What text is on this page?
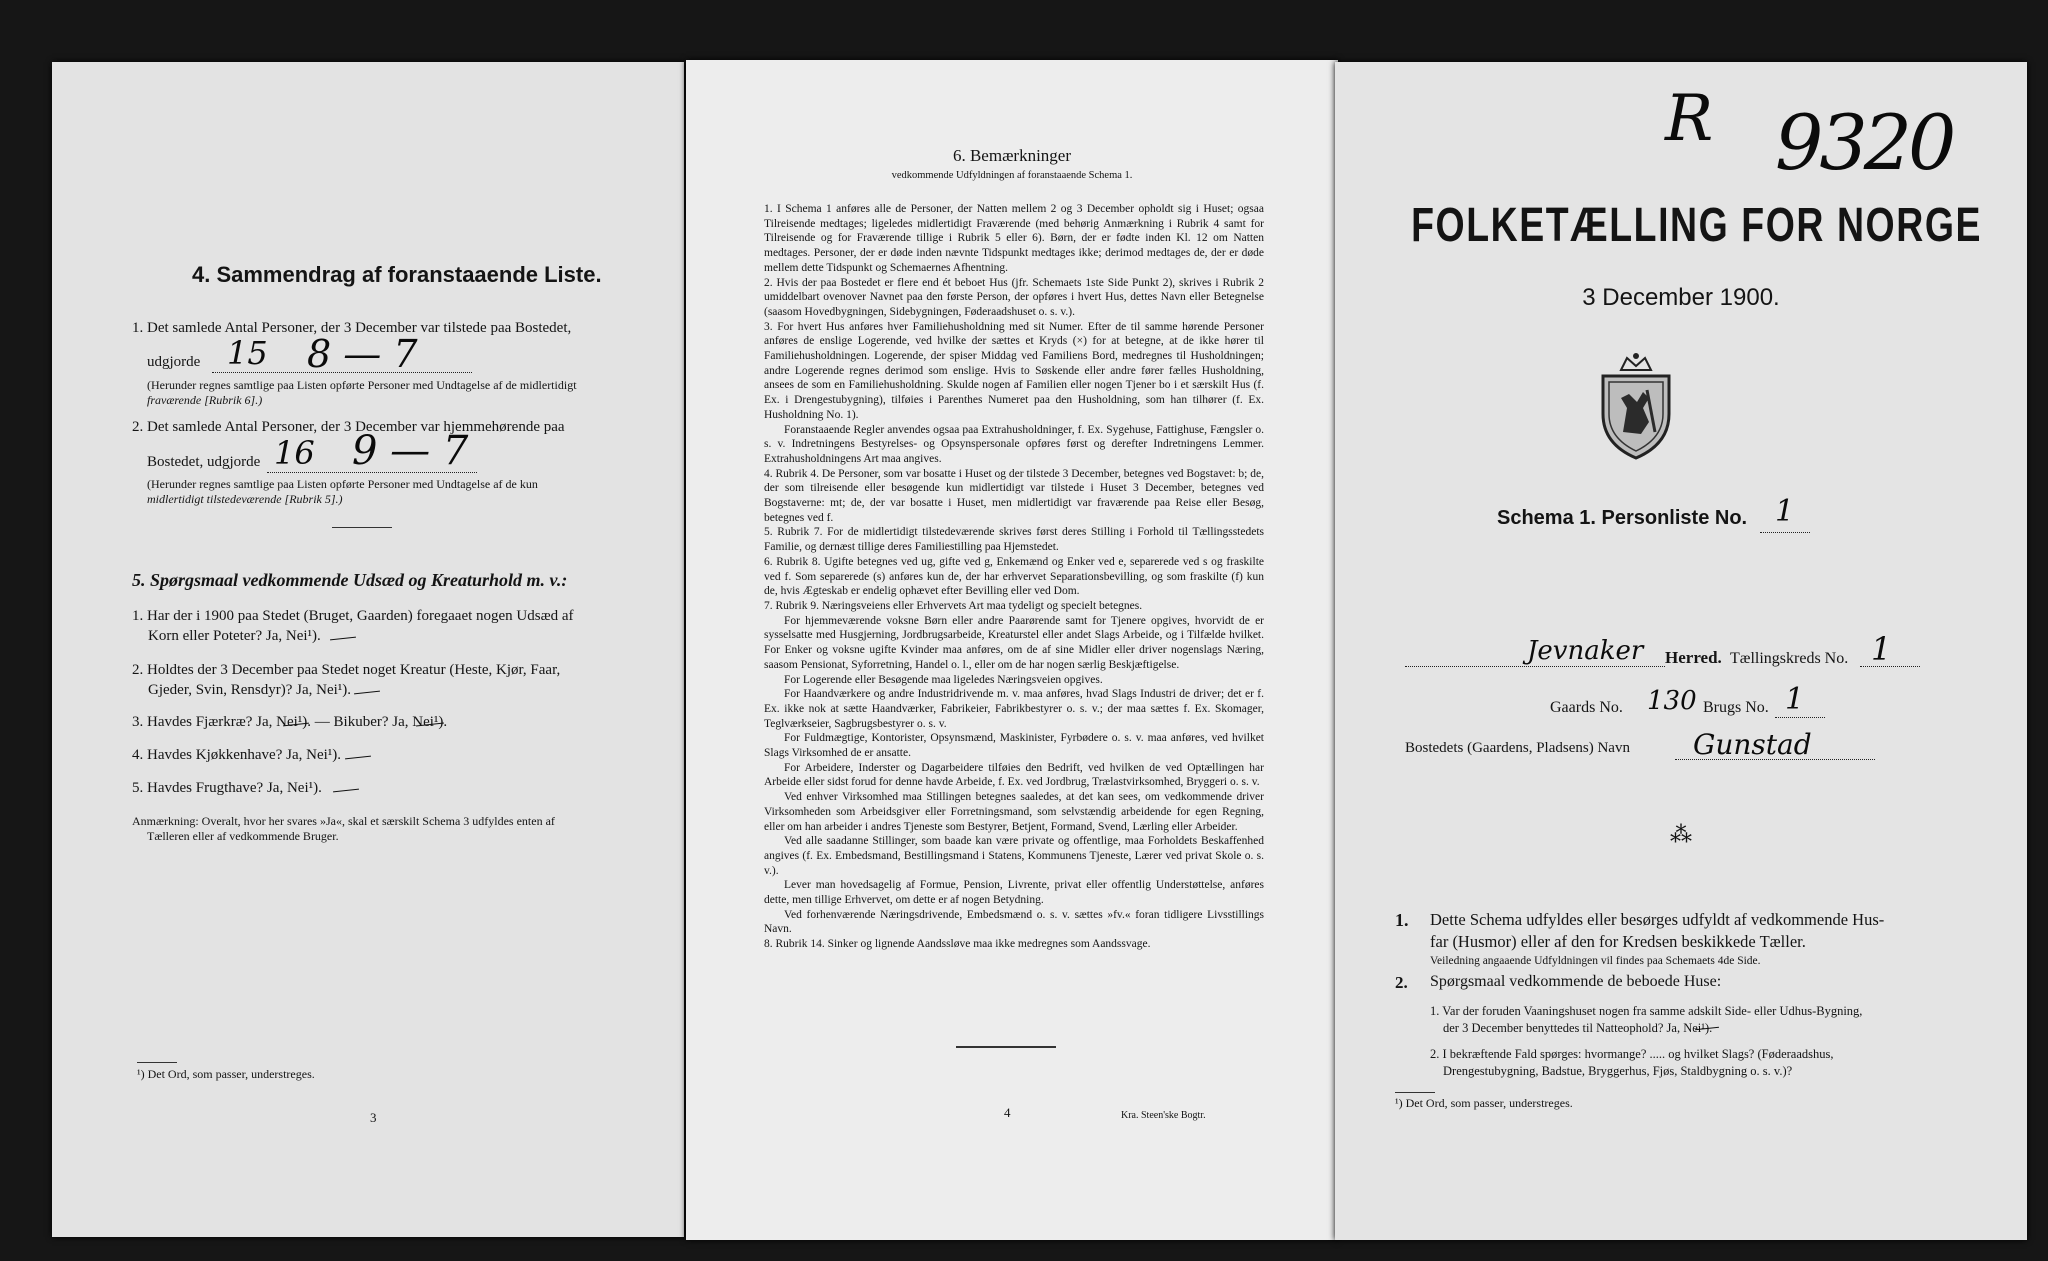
4. Sammendrag af foranstaaende Liste.
1. Det samlede Antal Personer, der 3 December var tilstede paa Bostedet,
udgjorde 15 8 — 7
(Herunder regnes samtlige paa Listen opførte Personer med Undtagelse af de midlertidigt
fraværende [Rubrik 6].)
2. Det samlede Antal Personer, der 3 December var hjemmehørende paa
Bostedet, udgjorde 16 9 — 7
(Herunder regnes samtlige paa Listen opførte Personer med Undtagelse af de kun
midlertidigt tilstedeværende [Rubrik 5].)
5. Spørgsmaal vedkommende Udsæd og Kreaturhold m. v.:
1. Har der i 1900 paa Stedet (Bruget, Gaarden) foregaaet nogen Udsæd af
Korn eller Poteter? Ja, Nei¹).
2. Holdtes der 3 December paa Stedet noget Kreatur (Heste, Kjør, Faar,
Gjeder, Svin, Rensdyr)? Ja, Nei¹).
3. Havdes Fjærkræ? Ja, Nei¹). — Bikuber? Ja, Nei¹).
4. Havdes Kjøkkenhave? Ja, Nei¹).
5. Havdes Frugthave? Ja, Nei¹).
Anmærkning: Overalt, hvor her svares »Ja«, skal et særskilt Schema 3 udfyldes enten af
Tælleren eller af vedkommende Bruger.
¹) Det Ord, som passer, understreges.
3
6. Bemærkninger
vedkommende Udfyldningen af foranstaaende Schema 1.

1. I Schema 1 anføres alle de Personer, der Natten mellem 2 og 3 December opholdt sig i Huset; ogsaa Tilreisende medtages; ligeledes midlertidigt Fraværende (med behørig Anmærkning i Rubrik 4 samt for Tilreisende og for Fraværende tillige i Rubrik 5 eller 6). Børn, der er fødte inden Kl. 12 om Natten medtages. Personer, der er døde inden nævnte Tidspunkt medtages ikke; derimod medtages de, der er døde mellem dette Tidspunkt og Schemaernes Afhentning.

2. Hvis der paa Bostedet er flere end ét beboet Hus (jfr. Schemaets 1ste Side Punkt 2), skrives i Rubrik 2 umiddelbart ovenover Navnet paa den første Person, der opføres i hvert Hus, dettes Navn eller Betegnelse (saasom Hovedbygningen, Sidebygningen, Føderaadshuset o. s. v.).

3. For hvert Hus anføres hver Familiehusholdning med sit Numer. Efter de til samme hørende Personer anføres de enslige Logerende, ved hvilke der sættes et Kryds (×) for at betegne, at de ikke hører til Familiehusholdningen. Logerende, der spiser Middag ved Familiens Bord, medregnes til Husholdningen; andre Logerende regnes derimod som enslige. Hvis to Søskende eller andre fører fælles Husholdning, ansees de som en Familiehusholdning. Skulde nogen af Familien eller nogen Tjener bo i et særskilt Hus (f. Ex. i Drengestubygning), tilføies i Parenthes Numeret paa den Husholdning, som han tilhører (f. Ex. Husholdning No. 1).

Foranstaaende Regler anvendes ogsaa paa Extrahusholdninger, f. Ex. Sygehuse, Fattighuse, Fængsler o. s. v. Indretningens Bestyrelses- og Opsynspersonale opføres først og derefter Indretningens Lemmer. Extrahusholdningens Art maa angives.

4. Rubrik 4. De Personer, som var bosatte i Huset og der tilstede 3 December, betegnes ved Bogstavet: b; de, der som tilreisende eller besøgende kun midlertidigt var tilstede i Huset 3 December, betegnes ved Bogstaverne: mt; de, der var bosatte i Huset, men midlertidigt var fraværende paa Reise eller Besøg, betegnes ved f.

5. Rubrik 7. For de midlertidigt tilstedeværende skrives først deres Stilling i Forhold til Tællingsstedets Familie, og dernæst tillige deres Familiestilling paa Hjemstedet.

6. Rubrik 8. Ugifte betegnes ved ug, gifte ved g, Enkemænd og Enker ved e, separerede ved s og fraskilte ved f. Som separerede (s) anføres kun de, der har erhvervet Separationsbevilling, og som fraskilte (f) kun de, hvis Ægteskab er endelig ophævet efter Bevilling eller ved Dom.

7. Rubrik 9. Næringsveiens eller Erhvervets Art maa tydeligt og specielt betegnes.

For hjemmeværende voksne Børn eller andre Paarørende samt for Tjenere opgives, hvorvidt de er sysselsatte med Husgjerning, Jordbrugsarbeide, Kreaturstel eller andet Slags Arbeide, og i Tilfælde hvilket. For Enker og voksne ugifte Kvinder maa anføres, om de af sine Midler eller driver nogenslags Næring, saasom Pensionat, Syforretning, Handel o. l., eller om de har nogen særlig Beskjæftigelse.

For Logerende eller Besøgende maa ligeledes Næringsveien opgives.

For Haandværkere og andre Industridrivende m. v. maa anføres, hvad Slags Industri de driver; det er f. Ex. ikke nok at sætte Haandværker, Fabrikeier, Fabrikbestyrer o. s. v.; der maa sættes f. Ex. Skomager, Teglværkseier, Sagbrugsbestyrer o. s. v.

For Fuldmægtige, Kontorister, Opsynsmænd, Maskinister, Fyrbødere o. s. v. maa anføres, ved hvilket Slags Virksomhed de er ansatte.

For Arbeidere, Inderster og Dagarbeidere tilføies den Bedrift, ved hvilken de ved Optællingen har Arbeide eller sidst forud for denne havde Arbeide, f. Ex. ved Jordbrug, Trælastvirksomhed, Bryggeri o. s. v.

Ved enhver Virksomhed maa Stillingen betegnes saaledes, at det kan sees, om vedkommende driver Virksomheden som Arbeidsgiver eller Forretningsmand, som selvstændig arbeidende for egen Regning, eller om han arbeider i andres Tjeneste som Bestyrer, Betjent, Formand, Svend, Lærling eller Arbeider.

Ved alle saadanne Stillinger, som baade kan være private og offentlige, maa Forholdets Beskaffenhed angives (f. Ex. Embedsmand, Bestillingsmand i Statens, Kommunens Tjeneste, Lærer ved privat Skole o. s. v.).

Lever man hovedsagelig af Formue, Pension, Livrente, privat eller offentlig Understøttelse, anføres dette, men tillige Erhvervet, om dette er af nogen Betydning.

Ved forhenværende Næringsdrivende, Embedsmænd o. s. v. sættes »fv.« foran tidligere Livsstillings Navn.

8. Rubrik 14. Sinker og lignende Aandssløve maa ikke medregnes som Aandssvage.

4	Kra. Steen'ske Bogtr.
R 9320
FOLKETÆLLING FOR NORGE
3 December 1900.
Schema 1. Personliste No. 1
Jevnaker Herred. Tællingskreds No. 1
Gaards No. 130 Brugs No. 1
Bostedets (Gaardens, Pladsens) Navn Gunstad
⁂
1. Dette Schema udfyldes eller besørges udfyldt af vedkommende Hus-
far (Husmor) eller af den for Kredsen beskikkede Tæller.
Veiledning angaaende Udfyldningen vil findes paa Schemaets 4de Side.
2. Spørgsmaal vedkommende de beboede Huse:
1. Var der foruden Vaaningshuset nogen fra samme adskilt Side- eller Udhus-Bygning,
der 3 December benyttedes til Natteophold? Ja, Nei¹).
2. I bekræftende Fald spørges: hvormange? ..... og hvilket Slags? (Føderaadshus,
Drengestubygning, Badstue, Bryggerhus, Fjøs, Staldbygning o. s. v.)?
¹) Det Ord, som passer, understreges.
